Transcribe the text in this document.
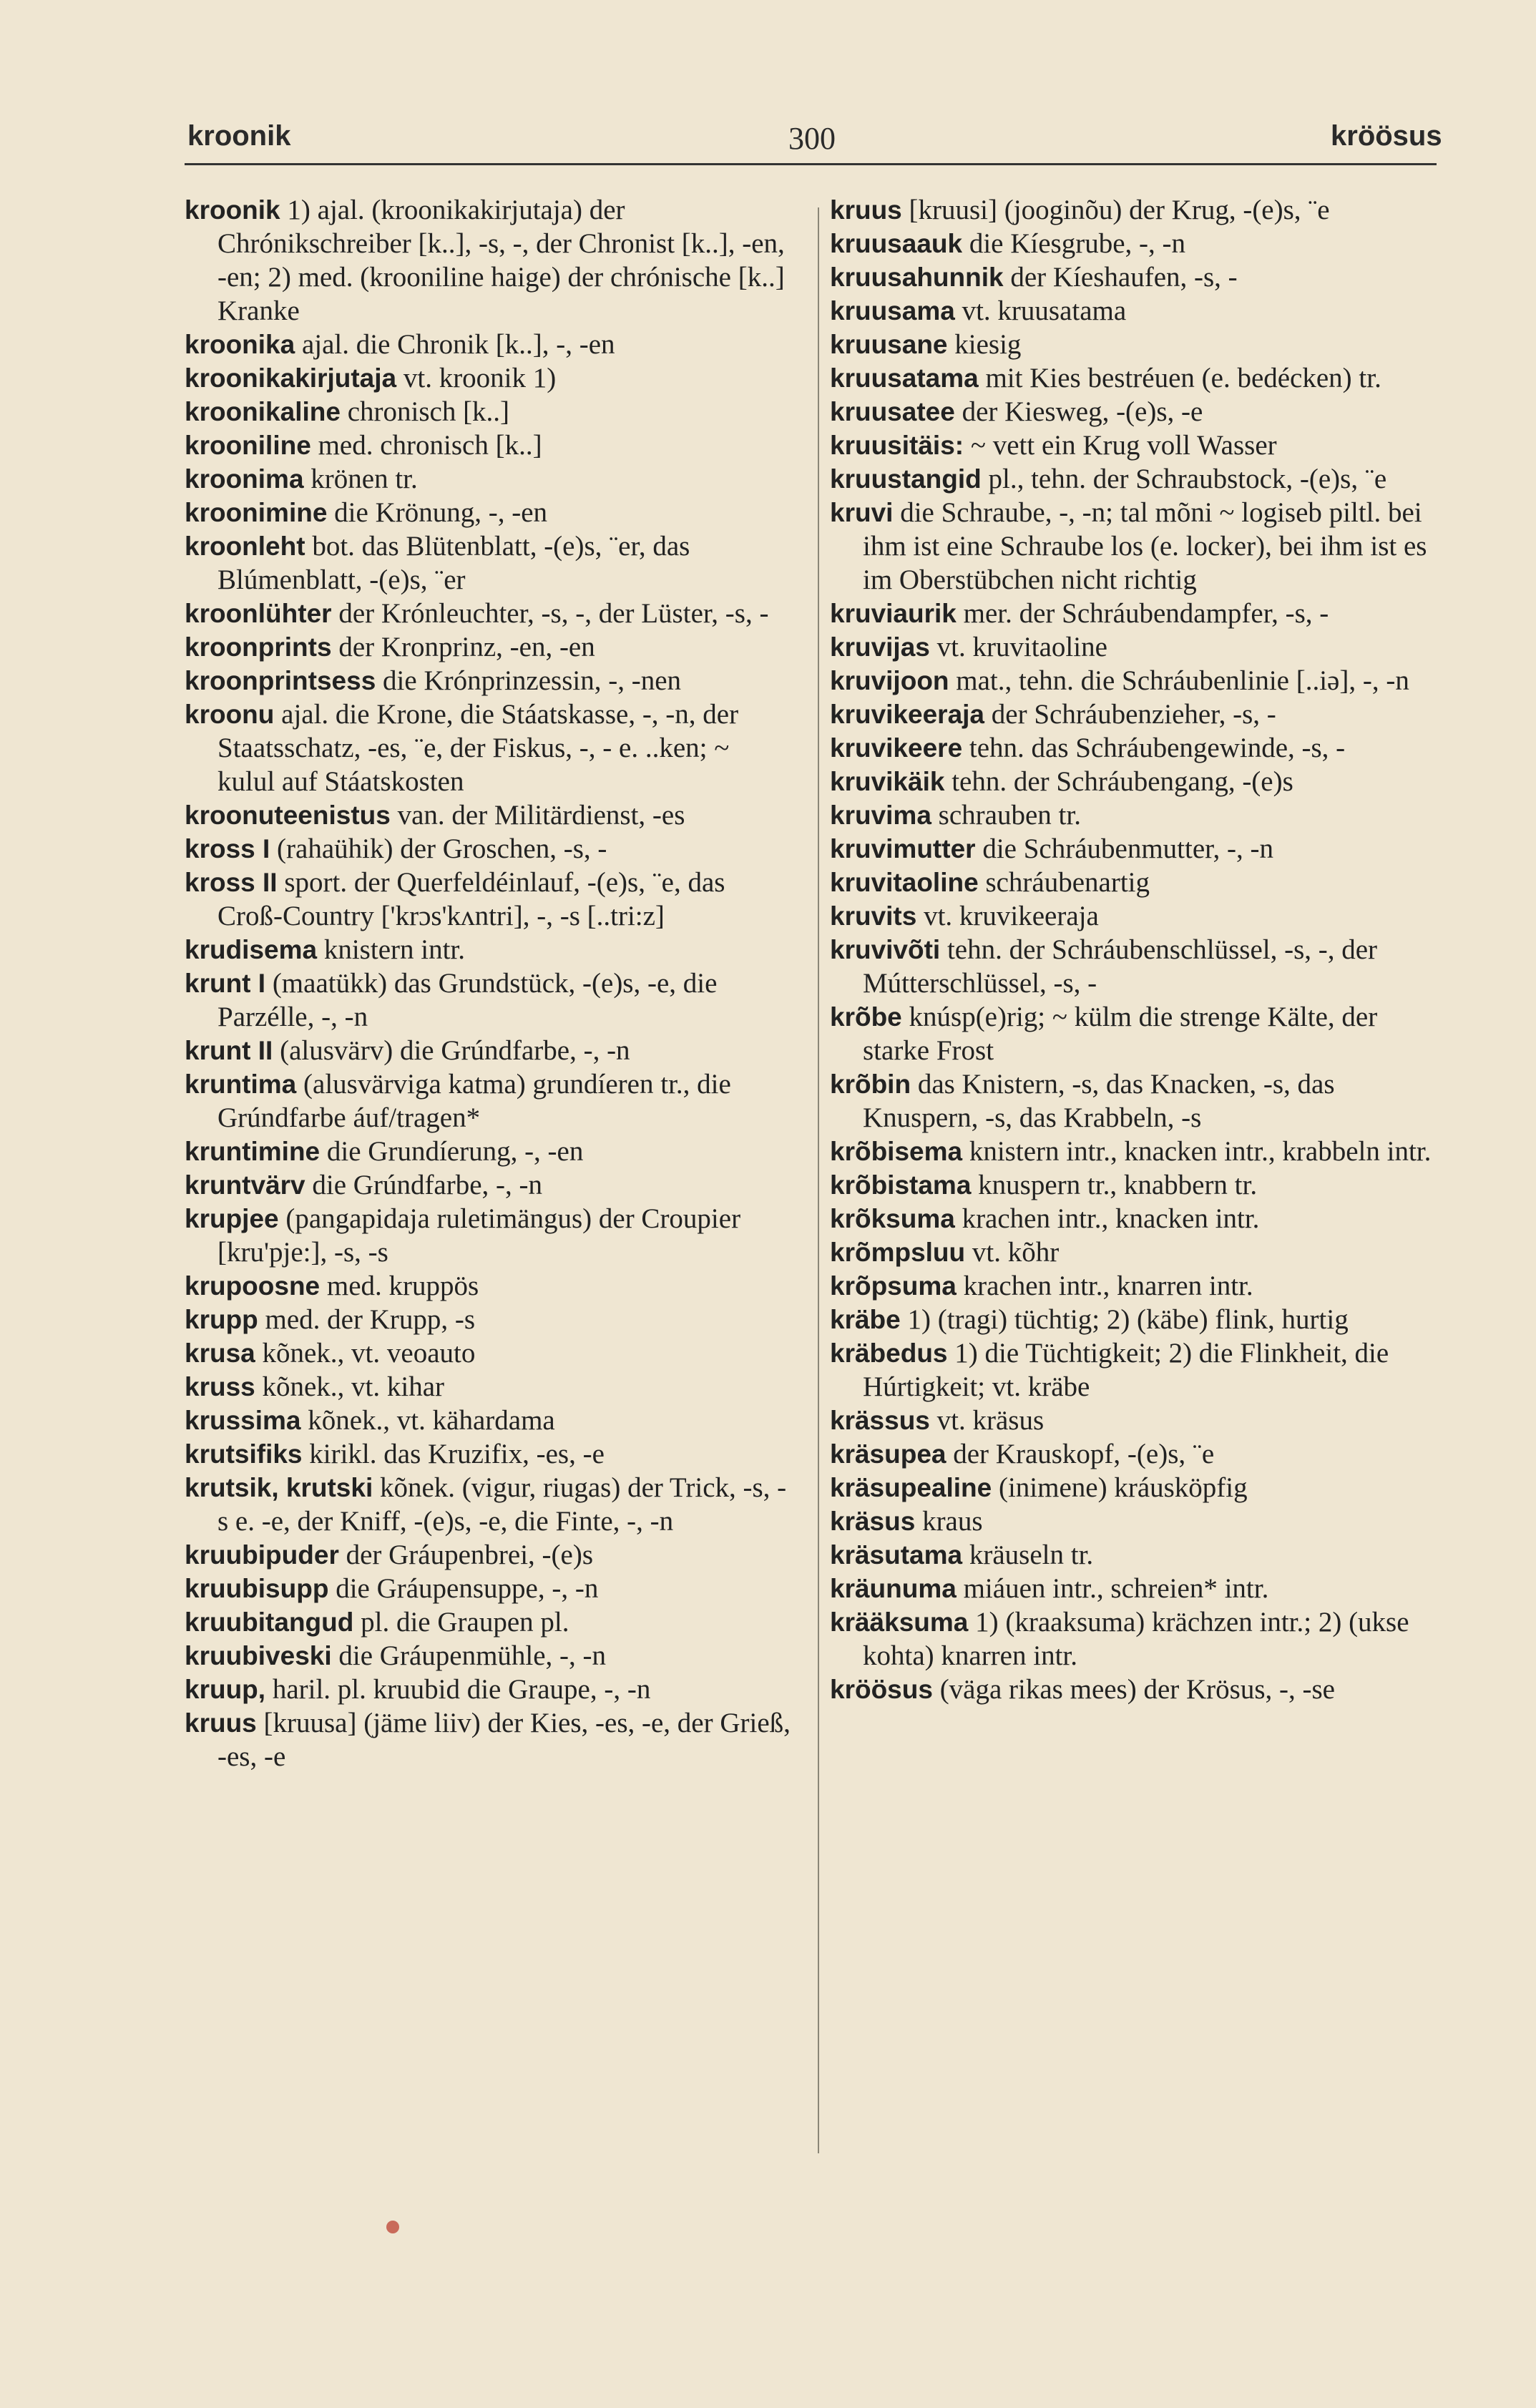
kroonik	300	kröösus

kroonik 1) ajal. (kroonikakirjutaja) der Chrónikschreiber [k..], -s, -, der Chronist [k..], -en, -en; 2) med. (krooniline haige) der chrónische [k..] Kranke

kroonika ajal. die Chronik [k..], -, -en

kroonikakirjutaja vt. kroonik 1)

kroonikaline chronisch [k..]

krooniline med. chronisch [k..]

kroonima krönen tr.

kroonimine die Krönung, -, -en

kroonleht bot. das Blütenblatt, -(e)s, ¨er, das Blúmenblatt, -(e)s, ¨er

kroonlühter der Krónleuchter, -s, -, der Lüster, -s, -

kroonprints der Kronprinz, -en, -en

kroonprintsess die Krónprinzessin, -, -nen

kroonu ajal. die Krone, die Stáatskasse, -, -n, der Staatsschatz, -es, ¨e, der Fiskus, -, - e. ..ken; ~ kulul auf Stáatskosten

kroonuteenistus van. der Militärdienst, -es

kross I (rahaühik) der Groschen, -s, -

kross II sport. der Querfeldéinlauf, -(e)s, ¨e, das Croß-Country ['krɔs'kʌntri], -, -s [..tri:z]

krudisema knistern intr.

krunt I (maatükk) das Grundstück, -(e)s, -e, die Parzélle, -, -n

krunt II (alusvärv) die Grúndfarbe, -, -n

kruntima (alusvärviga katma) grundíeren tr., die Grúndfarbe áuf/tragen*

kruntimine die Grundíerung, -, -en

kruntvärv die Grúndfarbe, -, -n

krupjee (pangapidaja ruletimängus) der Croupier [kru'pje:], -s, -s

krupoosne med. kruppös

krupp med. der Krupp, -s

krusa kõnek., vt. veoauto

kruss kõnek., vt. kihar

krussima kõnek., vt. kähardama

krutsifiks kirikl. das Kruzifix, -es, -e

krutsik, krutski kõnek. (vigur, riugas) der Trick, -s, -s e. -e, der Kniff, -(e)s, -e, die Finte, -, -n

kruubipuder der Gráupenbrei, -(e)s

kruubisupp die Gráupensuppe, -, -n

kruubitangud pl. die Graupen pl.

kruubiveski die Gráupenmühle, -, -n

kruup, haril. pl. kruubid die Graupe, -, -n

kruus [kruusa] (jäme liiv) der Kies, -es, -e, der Grieß, -es, -e

kruus [kruusi] (jooginõu) der Krug, -(e)s, ¨e

kruusaauk die Kíesgrube, -, -n

kruusahunnik der Kíeshaufen, -s, -

kruusama vt. kruusatama

kruusane kiesig

kruusatama mit Kies bestréuen (e. bedécken) tr.

kruusatee der Kiesweg, -(e)s, -e

kruusitäis: ~ vett ein Krug voll Wasser

kruustangid pl., tehn. der Schraubstock, -(e)s, ¨e

kruvi die Schraube, -, -n; tal mõni ~ logiseb piltl. bei ihm ist eine Schraube los (e. locker), bei ihm ist es im Oberstübchen nicht richtig

kruviaurik mer. der Schráubendampfer, -s, -

kruvijas vt. kruvitaoline

kruvijoon mat., tehn. die Schráubenlinie [..iə], -, -n

kruvikeeraja der Schráubenzieher, -s, -

kruvikeere tehn. das Schráubengewinde, -s, -

kruvikäik tehn. der Schráubengang, -(e)s

kruvima schrauben tr.

kruvimutter die Schráubenmutter, -, -n

kruvitaoline schráubenartig

kruvits vt. kruvikeeraja

kruvivõti tehn. der Schráubenschlüssel, -s, -, der Mútterschlüssel, -s, -

krõbe knúsp(e)rig; ~ külm die strenge Kälte, der starke Frost

krõbin das Knistern, -s, das Knacken, -s, das Knuspern, -s, das Krabbeln, -s

krõbisema knistern intr., knacken intr., krabbeln intr.

krõbistama knuspern tr., knabbern tr.

krõksuma krachen intr., knacken intr.

krõmpsluu vt. kõhr

krõpsuma krachen intr., knarren intr.

kräbe 1) (tragi) tüchtig; 2) (käbe) flink, hurtig

kräbedus 1) die Tüchtigkeit; 2) die Flinkheit, die Húrtigkeit; vt. kräbe

krässus vt. kräsus

kräsupea der Krauskopf, -(e)s, ¨e

kräsupealine (inimene) kráusköpfig

kräsus kraus

kräsutama kräuseln tr.

kräunuma miáuen intr., schreien* intr.

krääksuma 1) (kraaksuma) krächzen intr.; 2) (ukse kohta) knarren intr.

kröösus (väga rikas mees) der Krösus, -, -se
